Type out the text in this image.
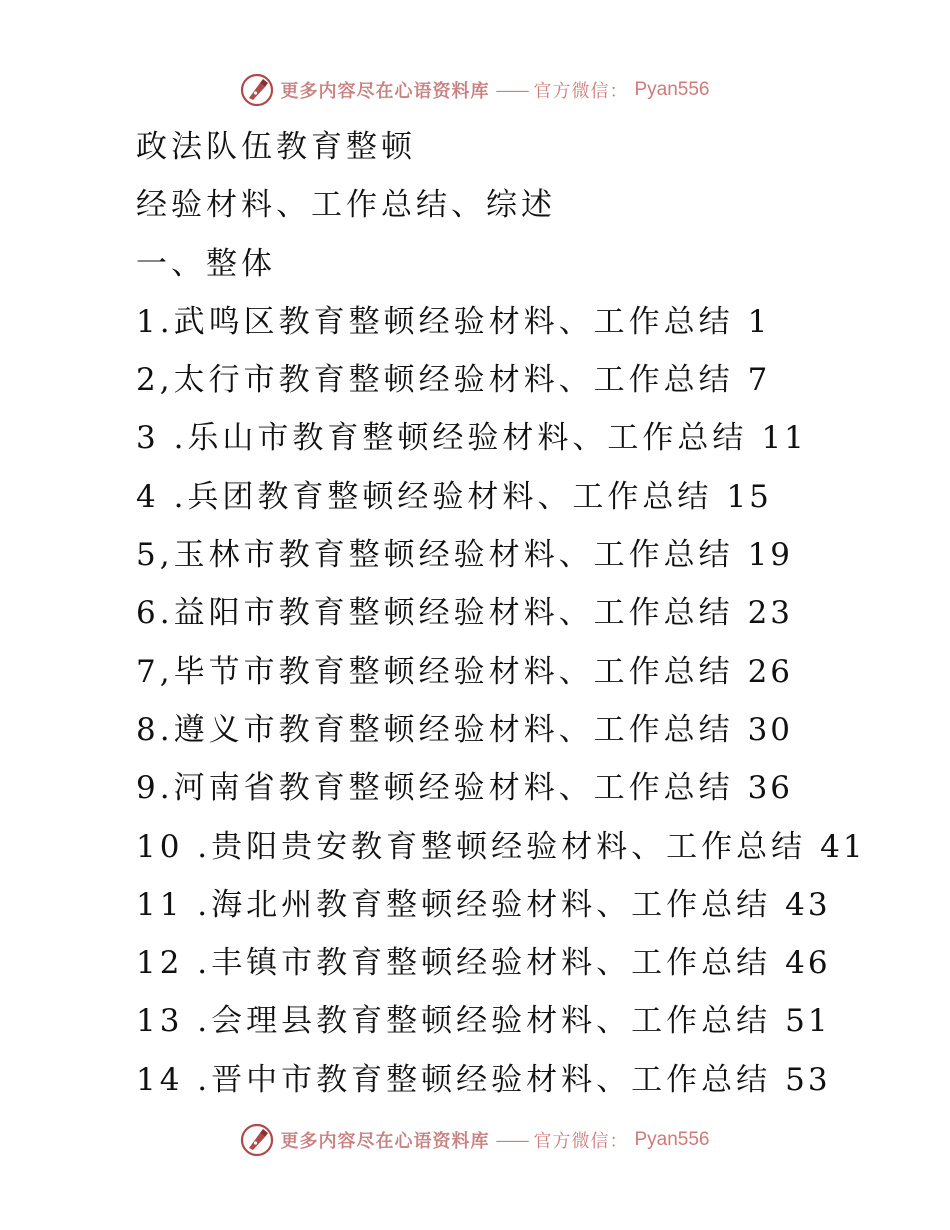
更多内容尽在心语资料库 —— 官方微信： Pyan556
政法队伍教育整顿
经验材料、工作总结、综述
一、整体
1.武鸣区教育整顿经验材料、工作总结 1
2,太行市教育整顿经验材料、工作总结 7
3 .乐山市教育整顿经验材料、工作总结 11
4 .兵团教育整顿经验材料、工作总结 15
5,玉林市教育整顿经验材料、工作总结 19
6.益阳市教育整顿经验材料、工作总结 23
7,毕节市教育整顿经验材料、工作总结 26
8.遵义市教育整顿经验材料、工作总结 30
9.河南省教育整顿经验材料、工作总结 36
10 .贵阳贵安教育整顿经验材料、工作总结 41
11 .海北州教育整顿经验材料、工作总结 43
12 .丰镇市教育整顿经验材料、工作总结 46
13 .会理县教育整顿经验材料、工作总结 51
14 .晋中市教育整顿经验材料、工作总结 53
更多内容尽在心语资料库 —— 官方微信： Pyan556
